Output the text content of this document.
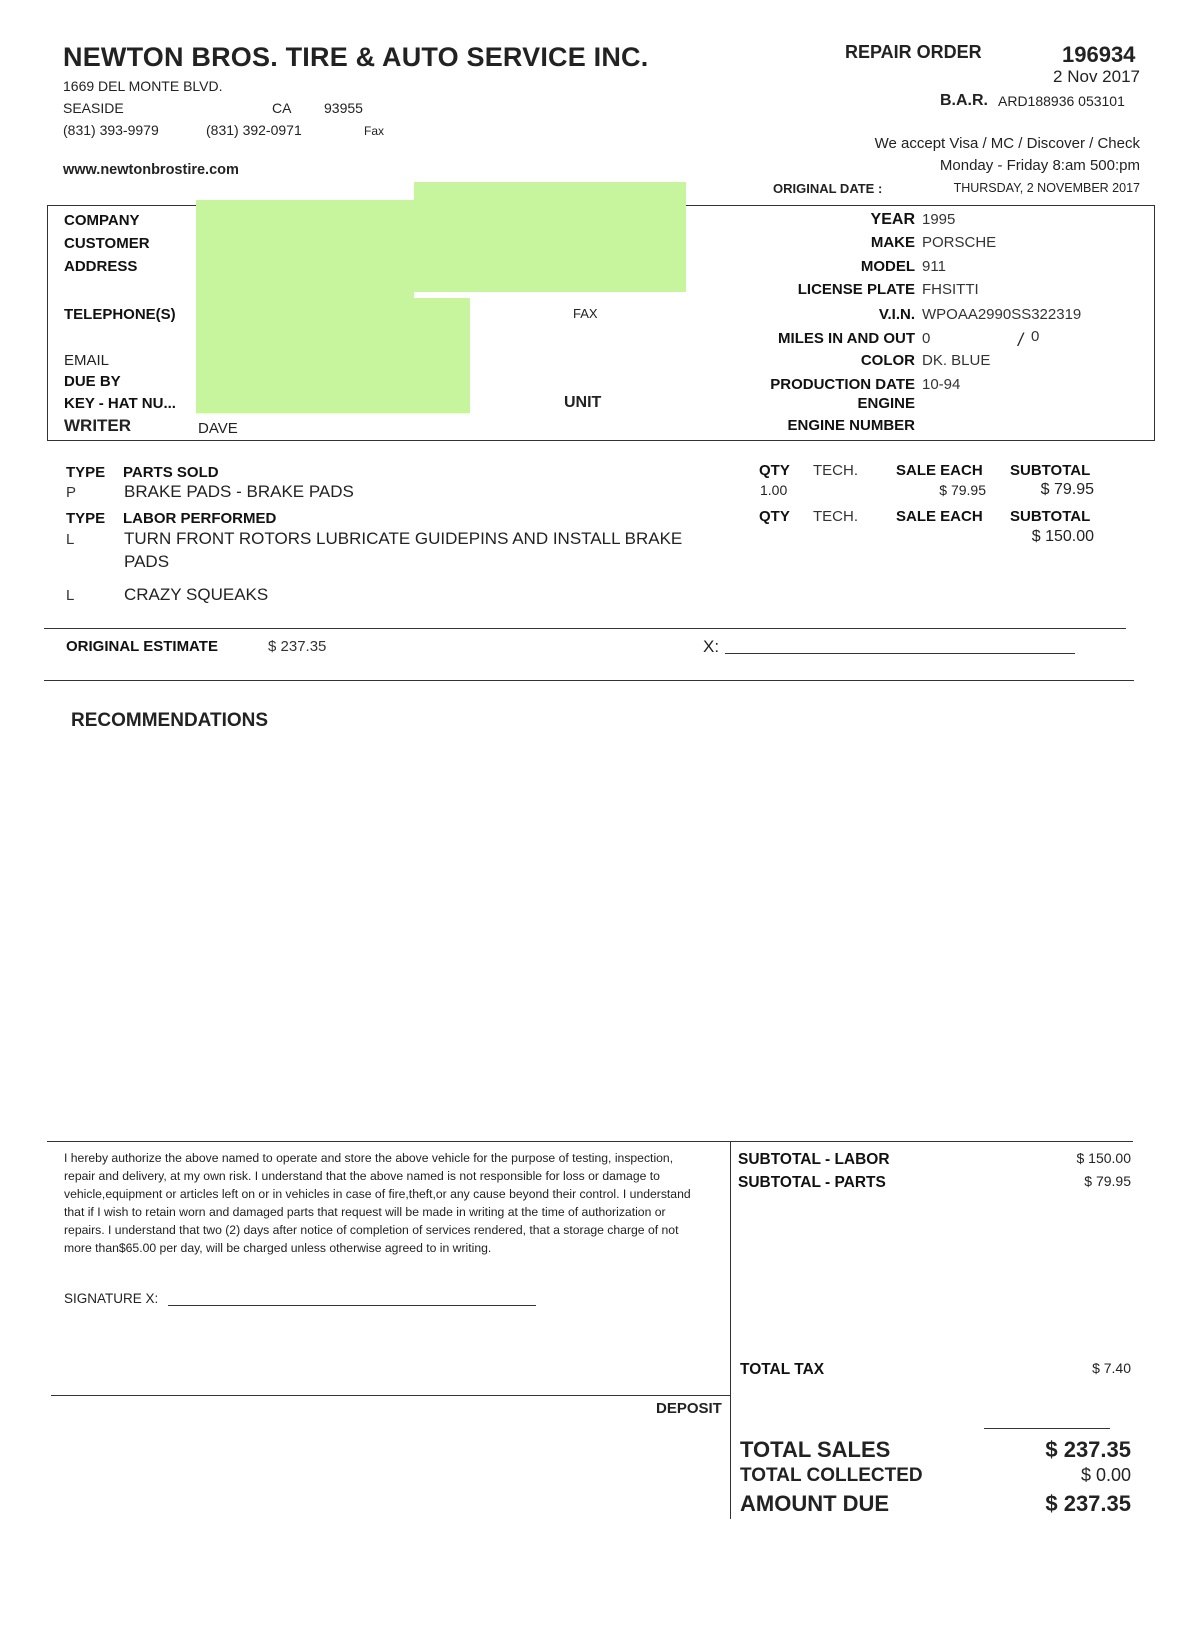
NEWTON BROS. TIRE & AUTO SERVICE INC.
1669 DEL MONTE BLVD.
SEASIDE	CA 93955
(831) 393-9979	(831) 392-0971	Fax
www.newtonbrostire.com
REPAIR ORDER	196934
2 Nov 2017
B.A.R. ARD188936 053101
We accept Visa / MC / Discover / Check
Monday - Friday 8:am 500:pm
ORIGINAL DATE :	THURSDAY, 2 NOVEMBER 2017
COMPANY
CUSTOMER
ADDRESS
TELEPHONE(S)	FAX
EMAIL
DUE BY
KEY - HAT NU...	UNIT
WRITER	DAVE
YEAR 1995
MAKE PORSCHE
MODEL 911
LICENSE PLATE FHSITTI
V.I.N. WPOAA2990SS322319
MILES IN AND OUT 0	/ 0
COLOR DK. BLUE
PRODUCTION DATE 10-94
ENGINE
ENGINE NUMBER
TYPE PARTS SOLD	QTY TECH.	SALE EACH SUBTOTAL
P	BRAKE PADS - BRAKE PADS	1.00	$ 79.95	$ 79.95
TYPE LABOR PERFORMED	QTY TECH.	SALE EACH SUBTOTAL
L	TURN FRONT ROTORS LUBRICATE GUIDEPINS AND INSTALL BRAKE
PADS
$ 150.00
L	CRAZY SQUEAKS
ORIGINAL ESTIMATE	$ 237.35	X:
RECOMMENDATIONS
I hereby authorize the above named to operate and store the above vehicle for the purpose of testing, inspection, repair and delivery, at my own risk. I understand that the above named is not responsible for loss or damage to vehicle,equipment or articles left on or in vehicles in case of fire,theft,or any cause beyond their control. I understand that if I wish to retain worn and damaged parts that request will be made in writing at the time of authorization or repairs. I understand that two (2) days after notice of completion of services rendered, that a storage charge of not more than$65.00 per day, will be charged unless otherwise agreed to in writing.
SIGNATURE X:
DEPOSIT
SUBTOTAL - LABOR	$ 150.00
SUBTOTAL - PARTS	$ 79.95
TOTAL TAX	$ 7.40
TOTAL SALES	$ 237.35
TOTAL COLLECTED	$ 0.00
AMOUNT DUE	$ 237.35
